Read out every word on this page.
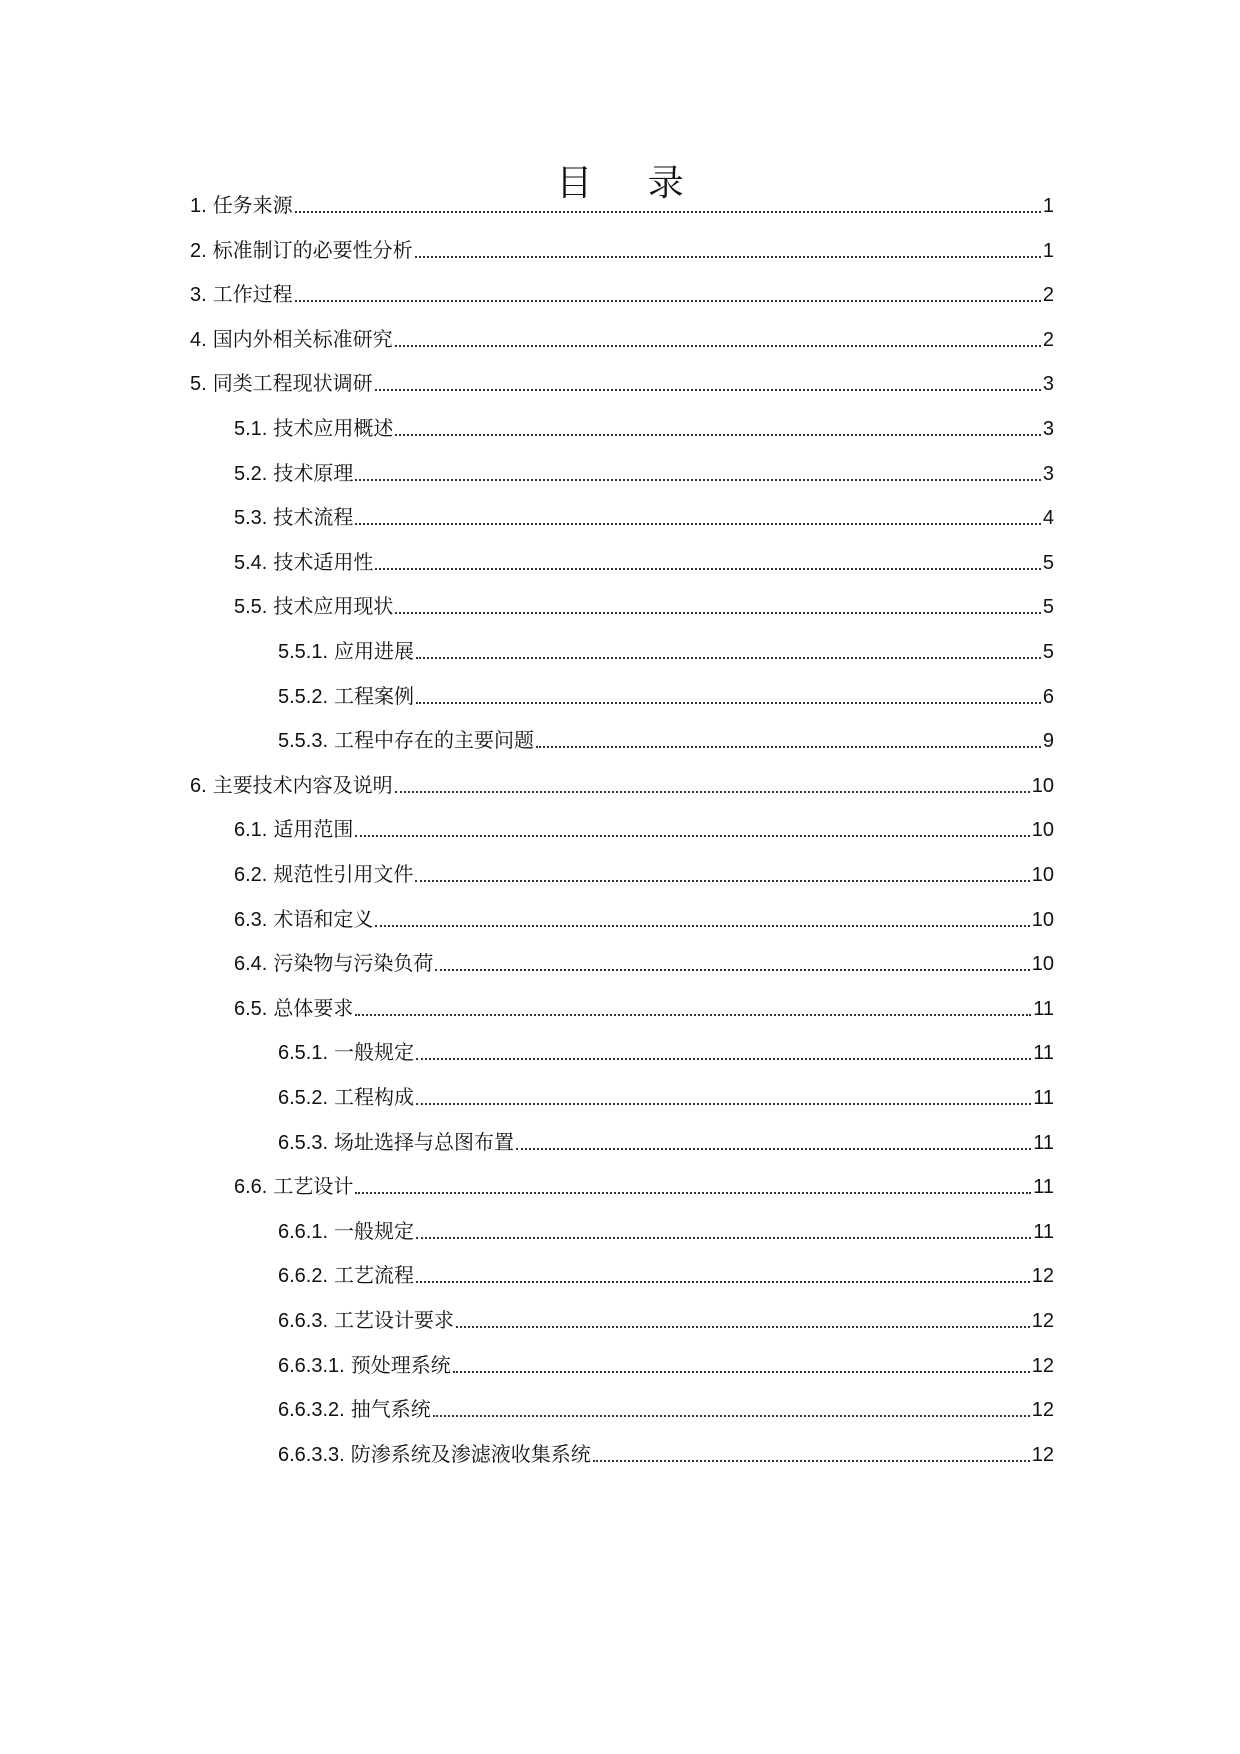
目 录
1. 任务来源	1
2. 标准制订的必要性分析	1
3. 工作过程	2
4. 国内外相关标准研究	2
5. 同类工程现状调研	3
5.1. 技术应用概述	3
5.2. 技术原理	3
5.3. 技术流程	4
5.4. 技术适用性	5
5.5. 技术应用现状	5
5.5.1. 应用进展	5
5.5.2. 工程案例	6
5.5.3. 工程中存在的主要问题	9
6. 主要技术内容及说明	10
6.1. 适用范围	10
6.2. 规范性引用文件	10
6.3. 术语和定义	10
6.4. 污染物与污染负荷	10
6.5. 总体要求	11
6.5.1. 一般规定	11
6.5.2. 工程构成	11
6.5.3. 场址选择与总图布置	11
6.6. 工艺设计	11
6.6.1. 一般规定	11
6.6.2. 工艺流程	12
6.6.3. 工艺设计要求	12
6.6.3.1. 预处理系统	12
6.6.3.2. 抽气系统	12
6.6.3.3. 防渗系统及渗滤液收集系统	12
